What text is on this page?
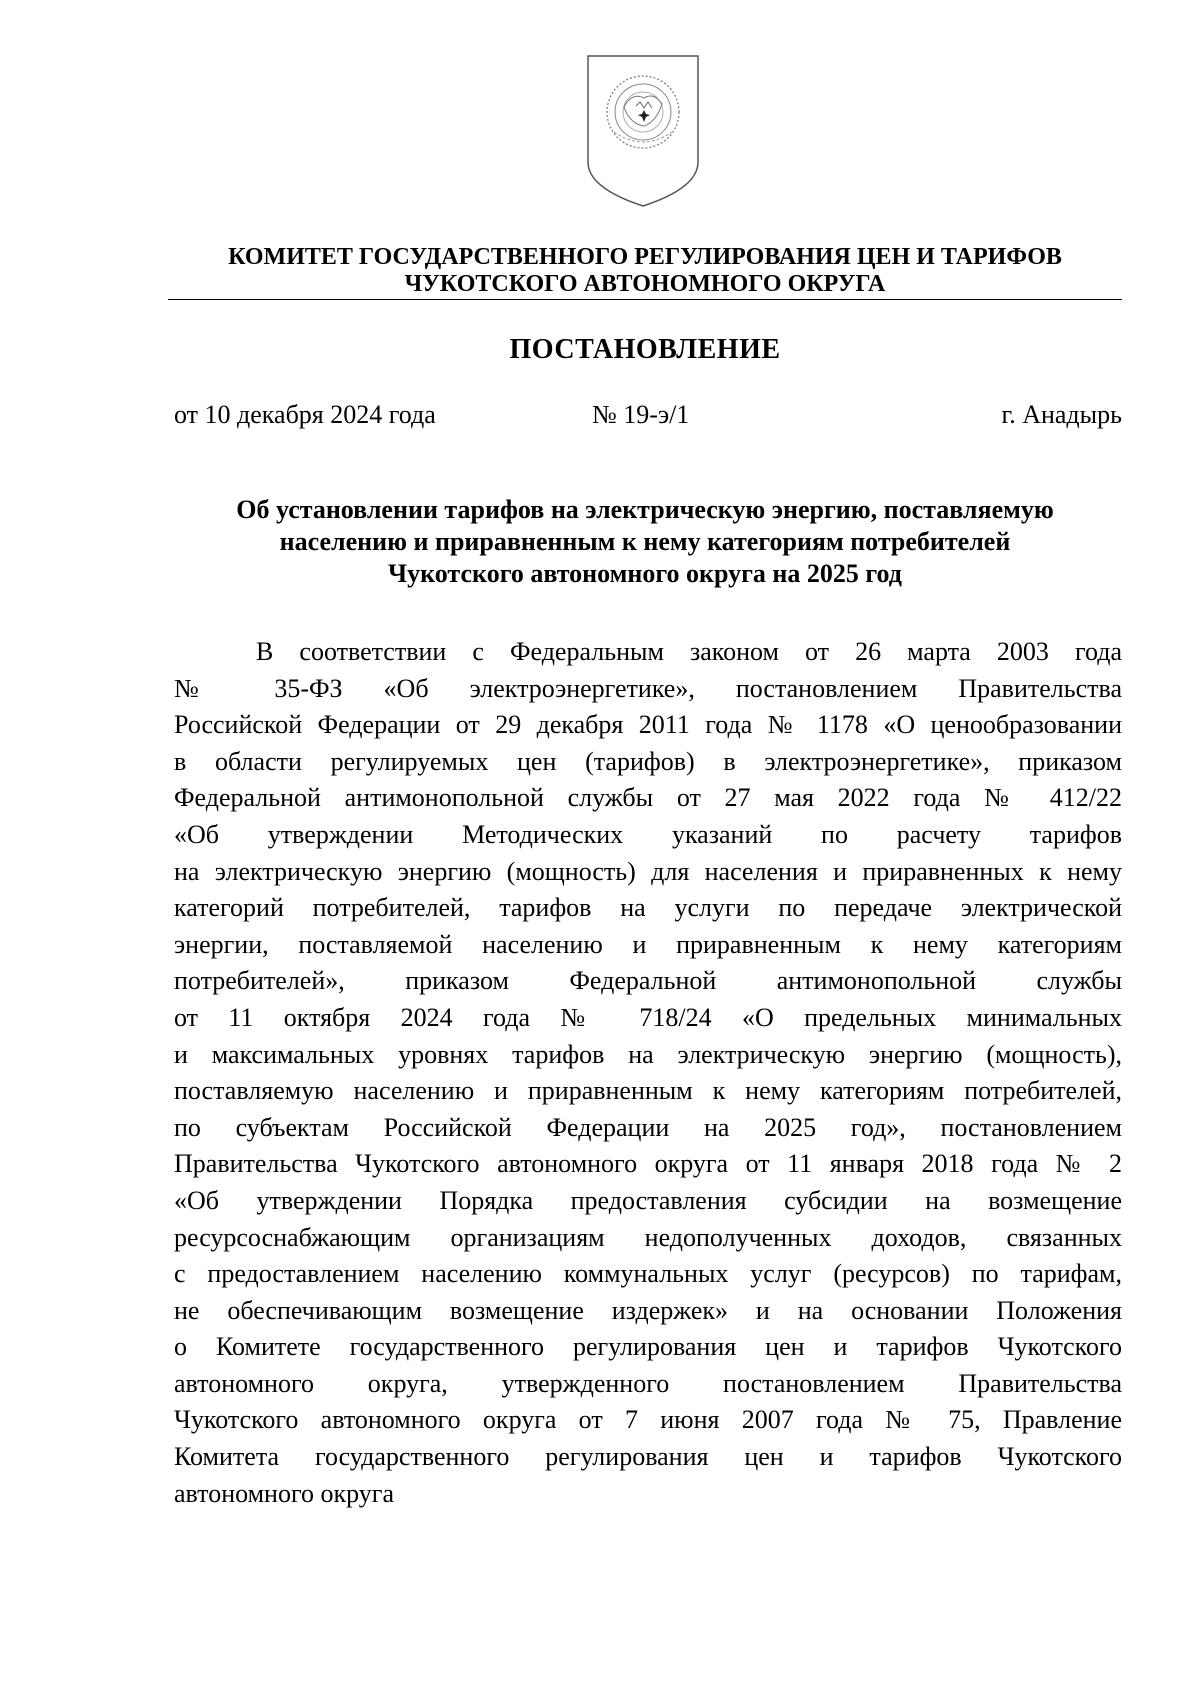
КОМИТЕТ ГОСУДАРСТВЕННОГО РЕГУЛИРОВАНИЯ ЦЕН И ТАРИФОВ
ЧУКОТСКОГО АВТОНОМНОГО ОКРУГА
ПОСТАНОВЛЕНИЕ
от 10 декабря 2024 года	№ 19-э/1	г. Анадырь
Об установлении тарифов на электрическую энергию, поставляемую
населению и приравненным к нему категориям потребителей
Чукотского автономного округа на 2025 год
В соответствии с Федеральным законом от 26 марта 2003 года
№ 35-ФЗ «Об электроэнергетике», постановлением Правительства
Российской Федерации от 29 декабря 2011 года № 1178 «О ценообразовании
в области регулируемых цен (тарифов) в электроэнергетике», приказом
Федеральной антимонопольной службы от 27 мая 2022 года № 412/22
«Об утверждении Методических указаний по расчету тарифов
на электрическую энергию (мощность) для населения и приравненных к нему
категорий потребителей, тарифов на услуги по передаче электрической
энергии, поставляемой населению и приравненным к нему категориям
потребителей», приказом Федеральной антимонопольной службы
от 11 октября 2024 года № 718/24 «О предельных минимальных
и максимальных уровнях тарифов на электрическую энергию (мощность),
поставляемую населению и приравненным к нему категориям потребителей,
по субъектам Российской Федерации на 2025 год», постановлением
Правительства Чукотского автономного округа от 11 января 2018 года № 2
«Об утверждении Порядка предоставления субсидии на возмещение
ресурсоснабжающим организациям недополученных доходов, связанных
с предоставлением населению коммунальных услуг (ресурсов) по тарифам,
не обеспечивающим возмещение издержек» и на основании Положения
о Комитете государственного регулирования цен и тарифов Чукотского
автономного округа, утвержденного постановлением Правительства
Чукотского автономного округа от 7 июня 2007 года № 75, Правление
Комитета государственного регулирования цен и тарифов Чукотского
автономного округа
